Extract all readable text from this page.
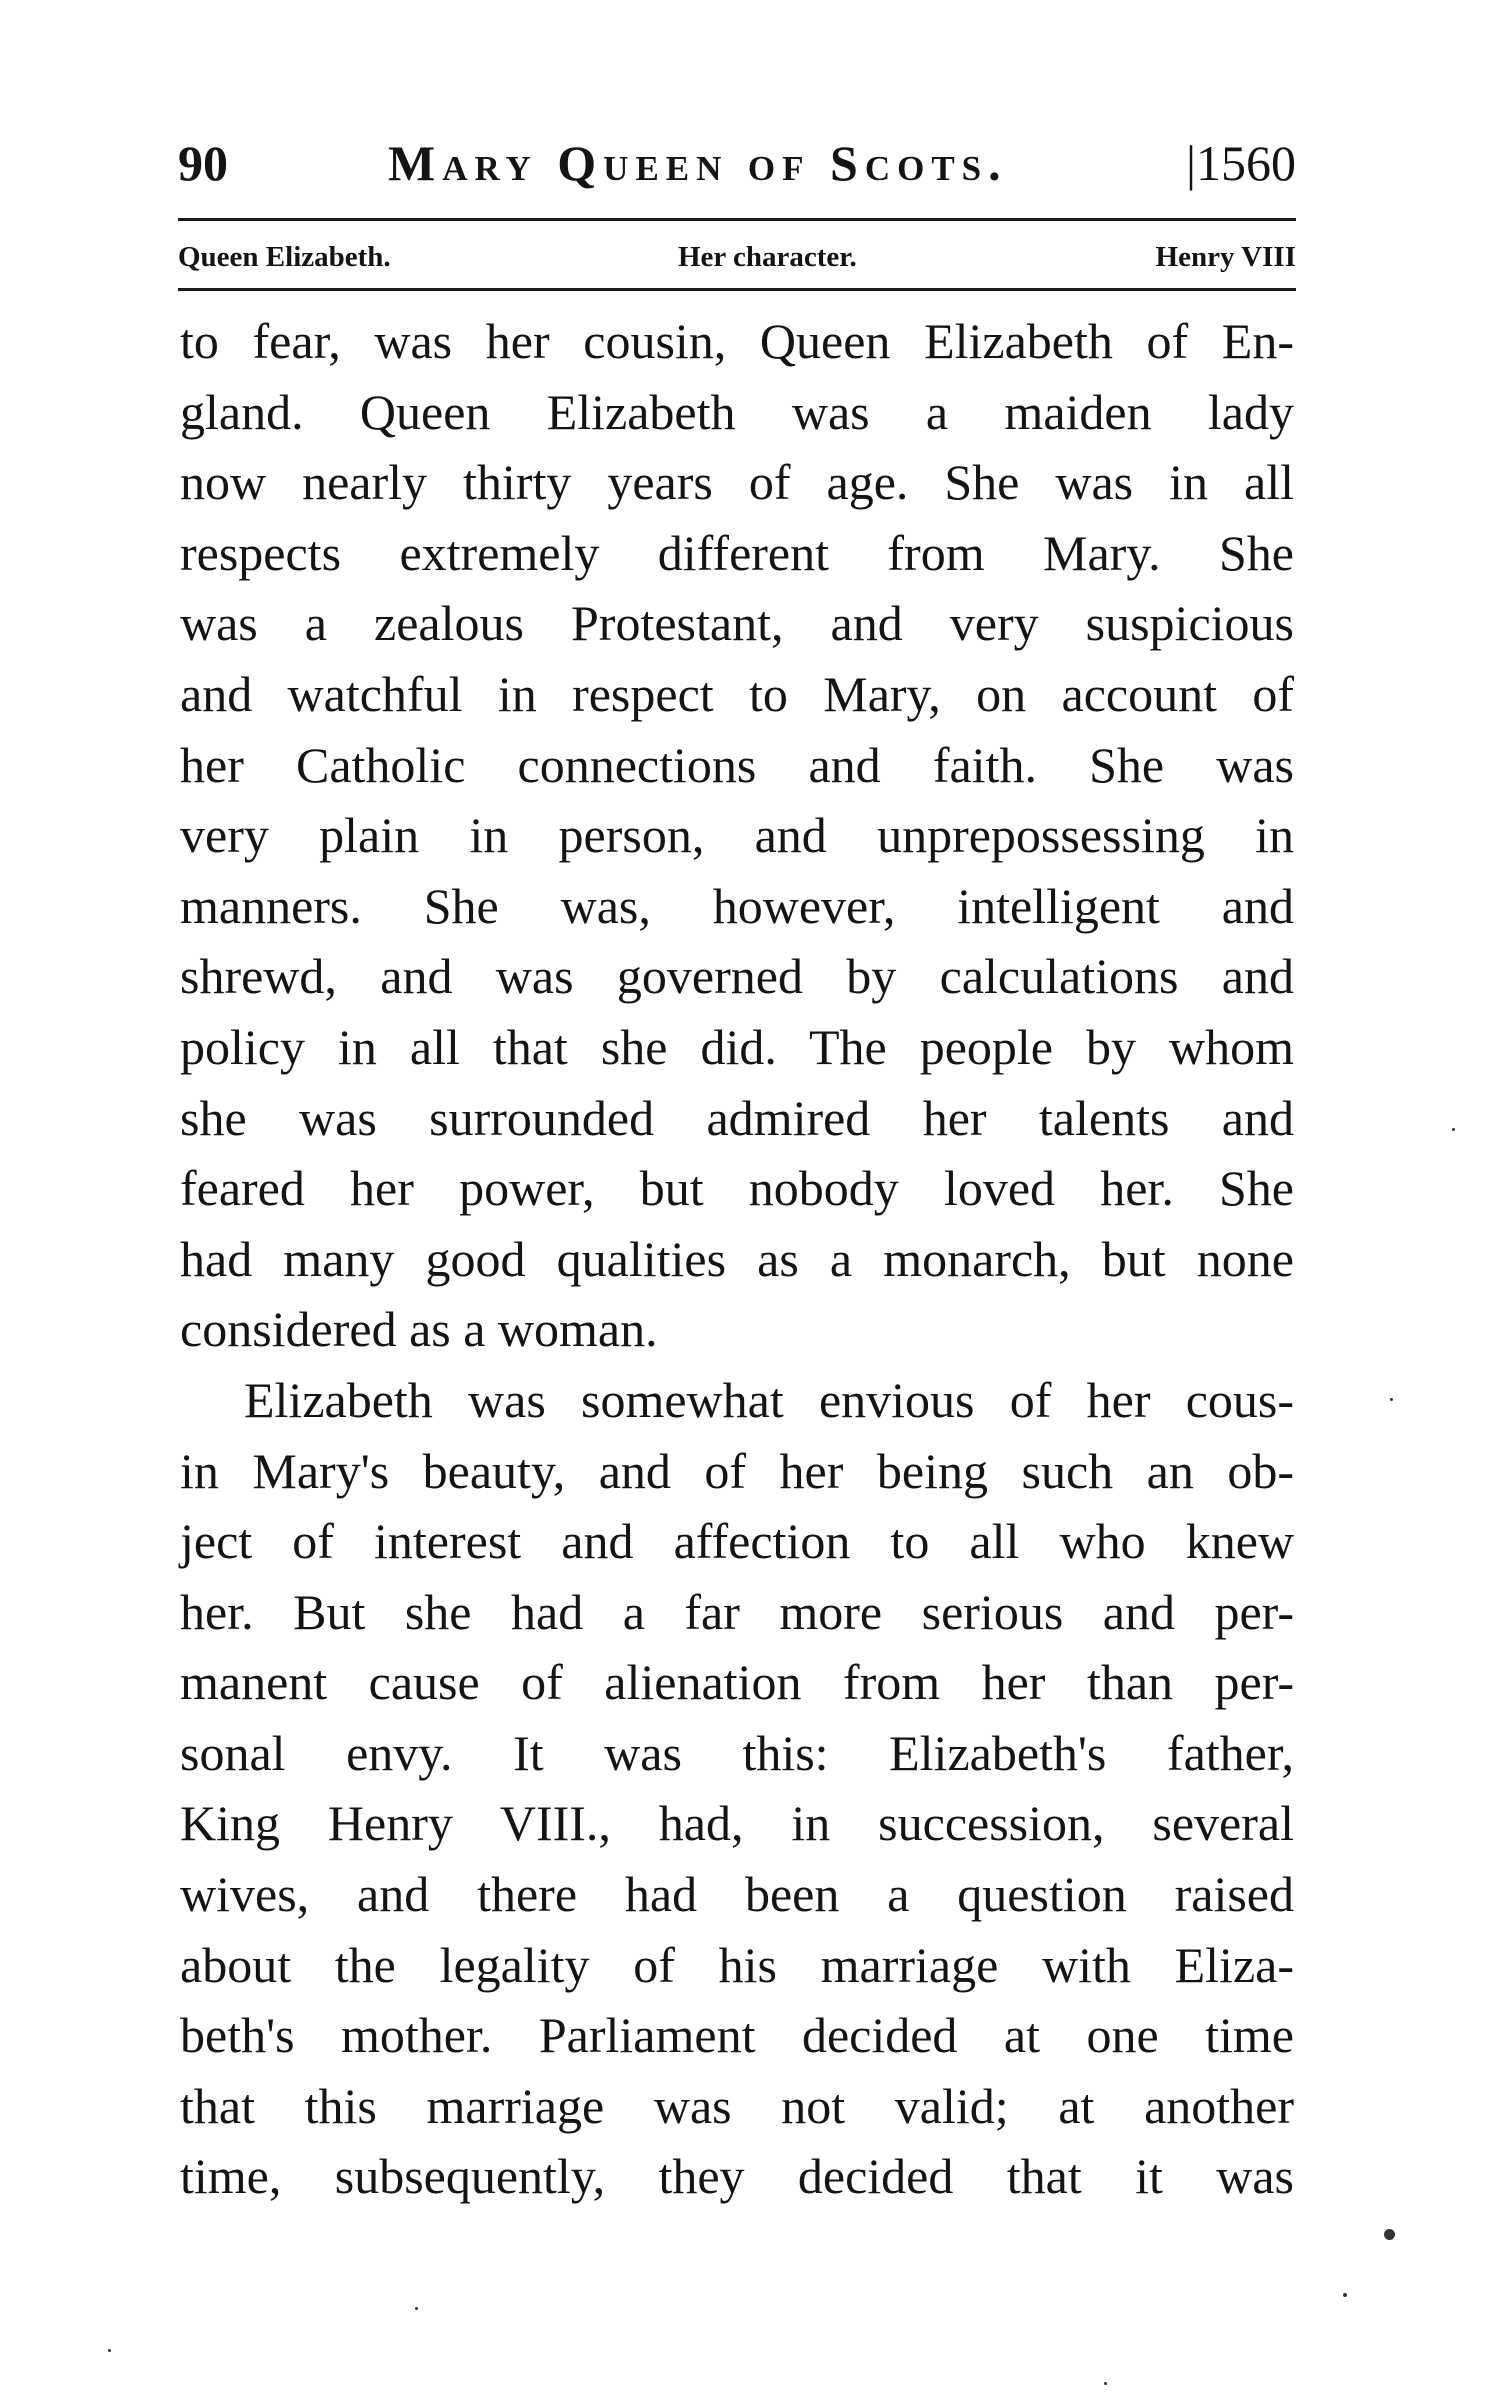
90	Mary Queen of Scots.	|1560
Queen Elizabeth.	Her character.	Henry VIII
to fear, was her cousin, Queen Elizabeth of En-
gland. Queen Elizabeth was a maiden lady
now nearly thirty years of age. She was in all
respects extremely different from Mary. She
was a zealous Protestant, and very suspicious
and watchful in respect to Mary, on account of
her Catholic connections and faith. She was
very plain in person, and unprepossessing in
manners. She was, however, intelligent and
shrewd, and was governed by calculations and
policy in all that she did. The people by whom
she was surrounded admired her talents and
feared her power, but nobody loved her. She
had many good qualities as a monarch, but none
considered as a woman.
Elizabeth was somewhat envious of her cous-
in Mary's beauty, and of her being such an ob-
ject of interest and affection to all who knew
her. But she had a far more serious and per-
manent cause of alienation from her than per-
sonal envy. It was this: Elizabeth's father,
King Henry VIII., had, in succession, several
wives, and there had been a question raised
about the legality of his marriage with Eliza-
beth's mother. Parliament decided at one time
that this marriage was not valid; at another
time, subsequently, they decided that it was
